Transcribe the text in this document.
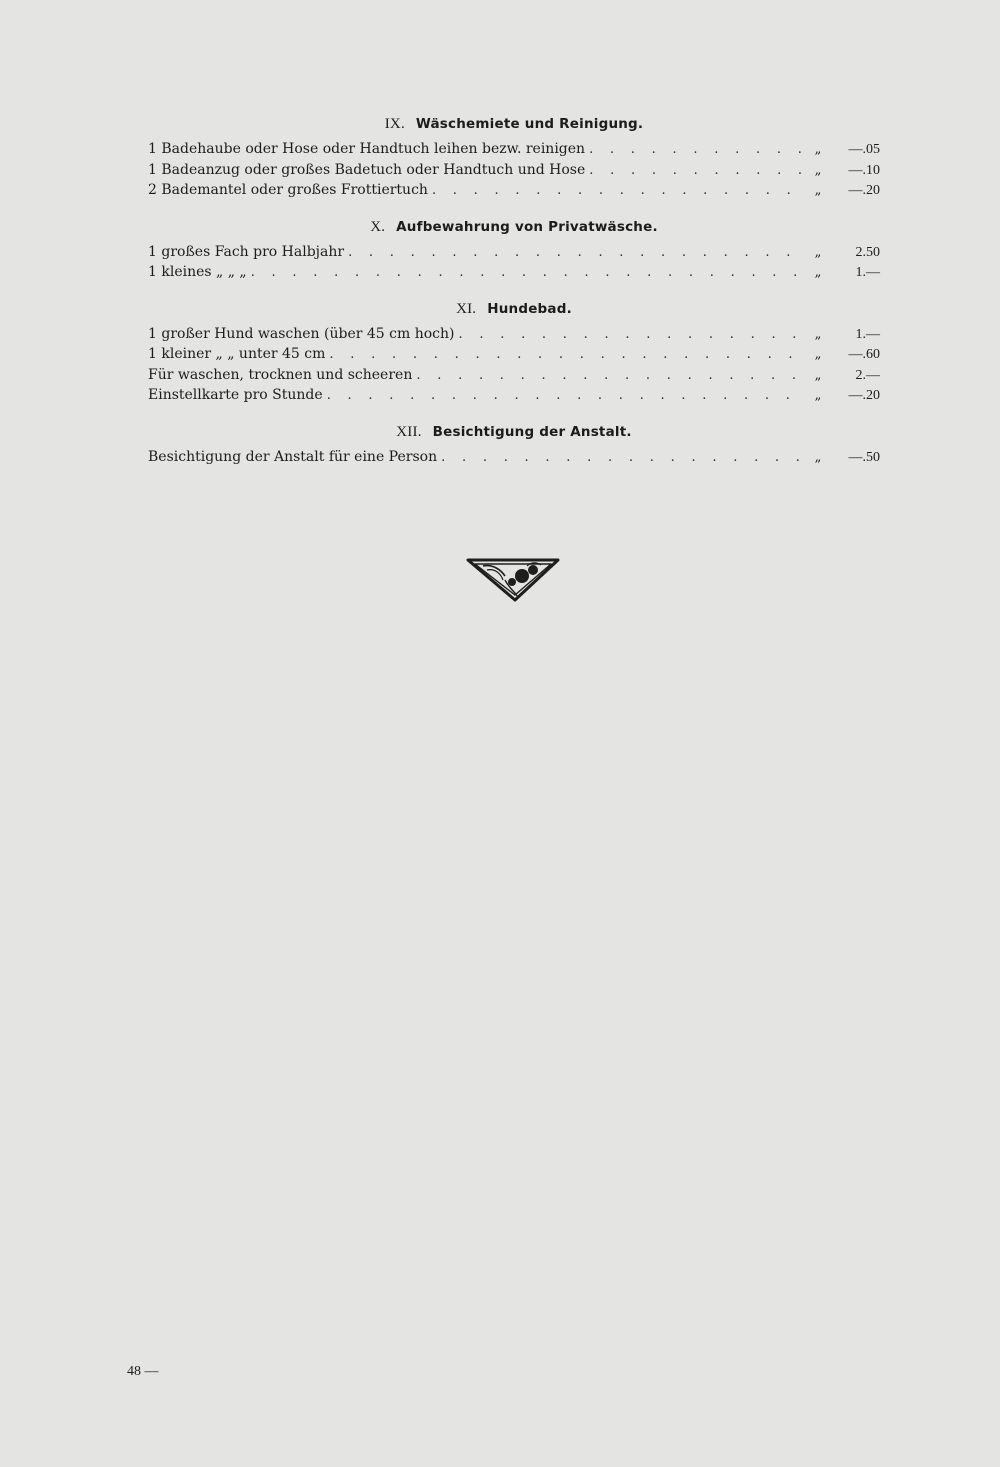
IX. Wäschemiete und Reinigung.
1 Badehaube oder Hose oder Handtuch leihen bezw. reinigen . . .	„	—.05
1 Badeanzug oder großes Badetuch oder Handtuch und Hose . . .	„	—.10
2 Bademantel oder großes Frottiertuch . . .	„	—.20
X. Aufbewahrung von Privatwäsche.
1 großes Fach pro Halbjahr . . .	„	2.50
1 kleines „ „ „ . . .	„	1.—
XI. Hundebad.
1 großer Hund waschen (über 45 cm hoch) . . .	„	1.—
1 kleiner „ „ unter 45 cm . . .	„	—.60
Für waschen, trocknen und scheeren . . .	„	2.—
Einstellkarte pro Stunde . . .	„	—.20
XII. Besichtigung der Anstalt.
Besichtigung der Anstalt für eine Person . . .	„	—.50
48 —
